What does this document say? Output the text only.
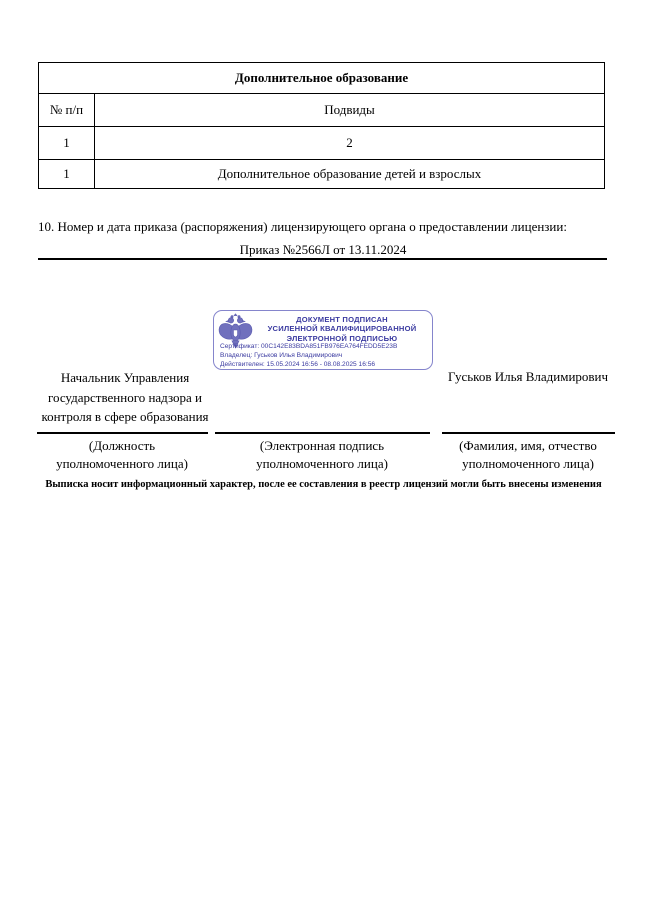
Дополнительное образование	
№ п/п	Подвиды
1	2
1	Дополнительное образование детей и взрослых
10. Номер и дата приказа (распоряжения) лицензирующего органа о предоставлении лицензии:
Приказ №2566Л от 13.11.2024
ДОКУМЕНТ ПОДПИСАН
УСИЛЕННОЙ КВАЛИФИЦИРОВАННОЙ
ЭЛЕКТРОННОЙ ПОДПИСЬЮ
Сертификат: 00C142E83BDA851FB976EA764FEDD5E23B
Владелец: Гуськов Илья Владимирович
Действителен: 15.05.2024 16:56 - 08.08.2025 16:56
Начальник Управления государственного надзора и контроля в сфере образования
Гуськов Илья Владимирович
(Должность уполномоченного лица)
(Электронная подпись уполномоченного лица)
(Фамилия, имя, отчество уполномоченного лица)
Выписка носит информационный характер, после ее составления в реестр лицензий могли быть внесены изменения
